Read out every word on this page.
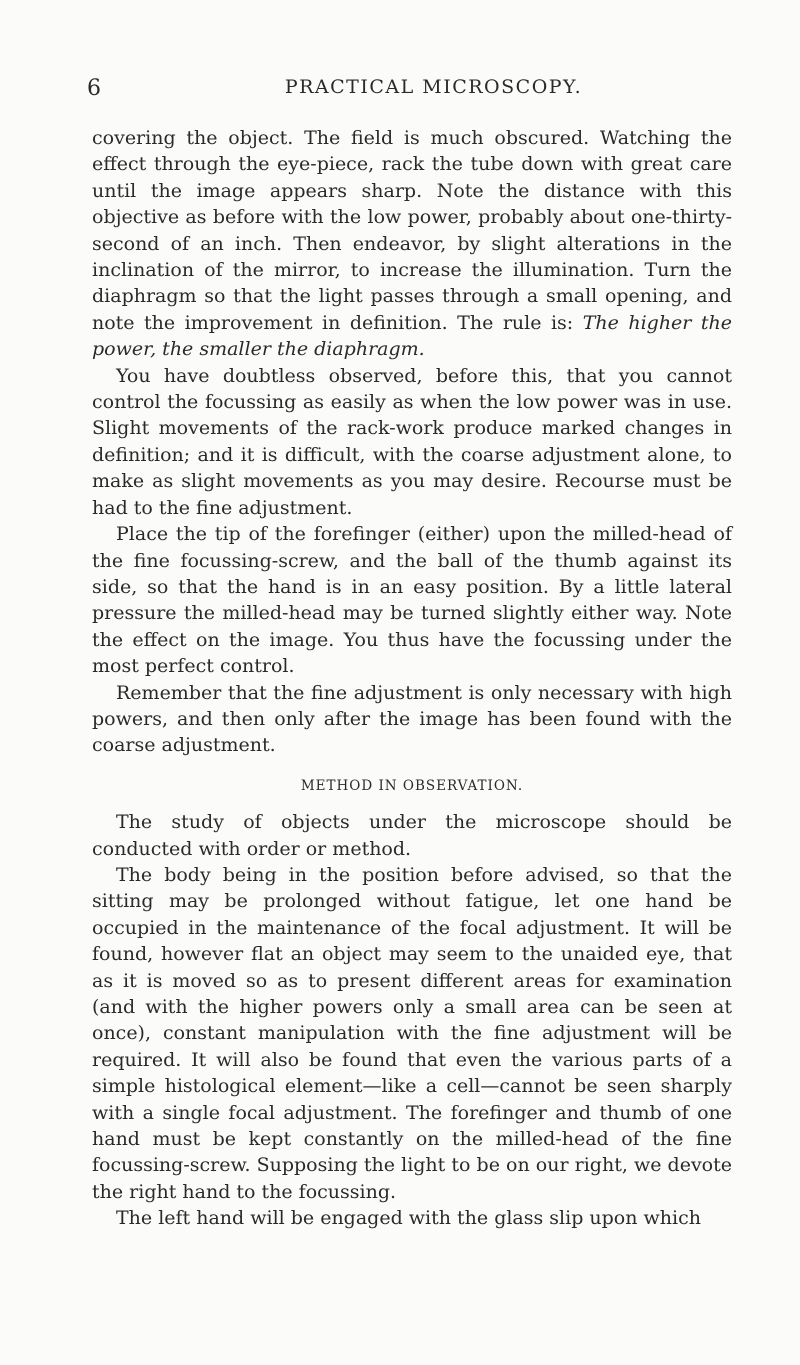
6	PRACTICAL MICROSCOPY.

covering the object. The field is much obscured. Watching the effect through the eye-piece, rack the tube down with great care until the image appears sharp. Note the distance with this objective as before with the low power, probably about one-thirty-second of an inch. Then endeavor, by slight alterations in the inclination of the mirror, to increase the illumination. Turn the diaphragm so that the light passes through a small opening, and note the improvement in definition. The rule is: The higher the power, the smaller the diaphragm.

You have doubtless observed, before this, that you cannot control the focussing as easily as when the low power was in use. Slight movements of the rack-work produce marked changes in definition; and it is difficult, with the coarse adjustment alone, to make as slight movements as you may desire. Recourse must be had to the fine adjustment.

Place the tip of the forefinger (either) upon the milled-head of the fine focussing-screw, and the ball of the thumb against its side, so that the hand is in an easy position. By a little lateral pressure the milled-head may be turned slightly either way. Note the effect on the image. You thus have the focussing under the most perfect control.

Remember that the fine adjustment is only necessary with high powers, and then only after the image has been found with the coarse adjustment.

METHOD IN OBSERVATION.

The study of objects under the microscope should be conducted with order or method.

The body being in the position before advised, so that the sitting may be prolonged without fatigue, let one hand be occupied in the maintenance of the focal adjustment. It will be found, however flat an object may seem to the unaided eye, that as it is moved so as to present different areas for examination (and with the higher powers only a small area can be seen at once), constant manipulation with the fine adjustment will be required. It will also be found that even the various parts of a simple histological element—like a cell—cannot be seen sharply with a single focal adjustment. The forefinger and thumb of one hand must be kept constantly on the milled-head of the fine focussing-screw. Supposing the light to be on our right, we devote the right hand to the focussing.

The left hand will be engaged with the glass slip upon which
